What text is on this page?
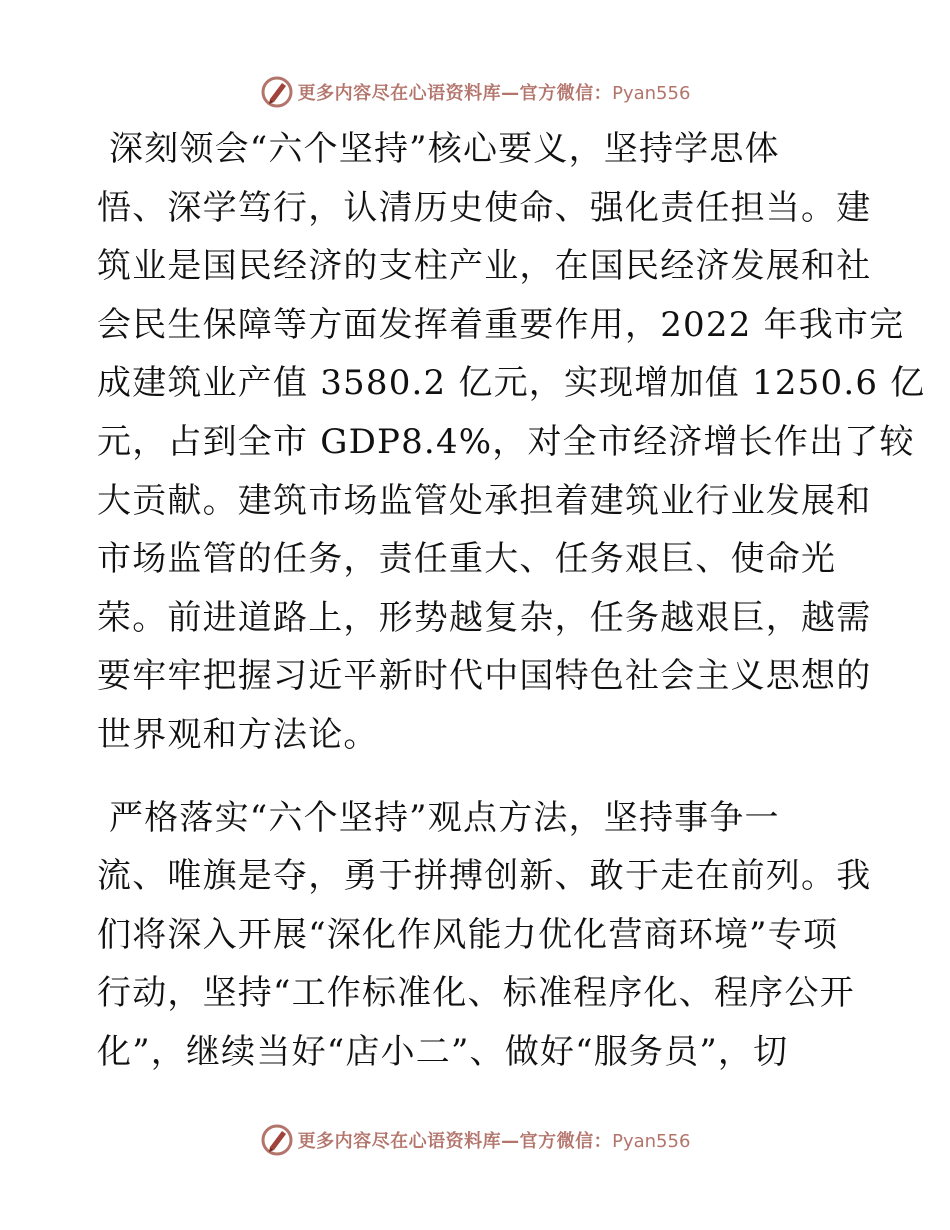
更多内容尽在心语资料库—官方微信：Pyan556
深刻领会“六个坚持”核心要义，坚持学思体
悟、深学笃行，认清历史使命、强化责任担当。建
筑业是国民经济的支柱产业，在国民经济发展和社
会民生保障等方面发挥着重要作用，2022 年我市完
成建筑业产值 3580.2 亿元，实现增加值 1250.6 亿
元，占到全市 GDP8.4%，对全市经济增长作出了较
大贡献。建筑市场监管处承担着建筑业行业发展和
市场监管的任务，责任重大、任务艰巨、使命光
荣。前进道路上，形势越复杂，任务越艰巨，越需
要牢牢把握习近平新时代中国特色社会主义思想的
世界观和方法论。
严格落实“六个坚持”观点方法，坚持事争一
流、唯旗是夺，勇于拼搏创新、敢于走在前列。我
们将深入开展“深化作风能力优化营商环境”专项
行动，坚持“工作标准化、标准程序化、程序公开
化”，继续当好“店小二”、做好“服务员”，切
更多内容尽在心语资料库—官方微信：Pyan556
